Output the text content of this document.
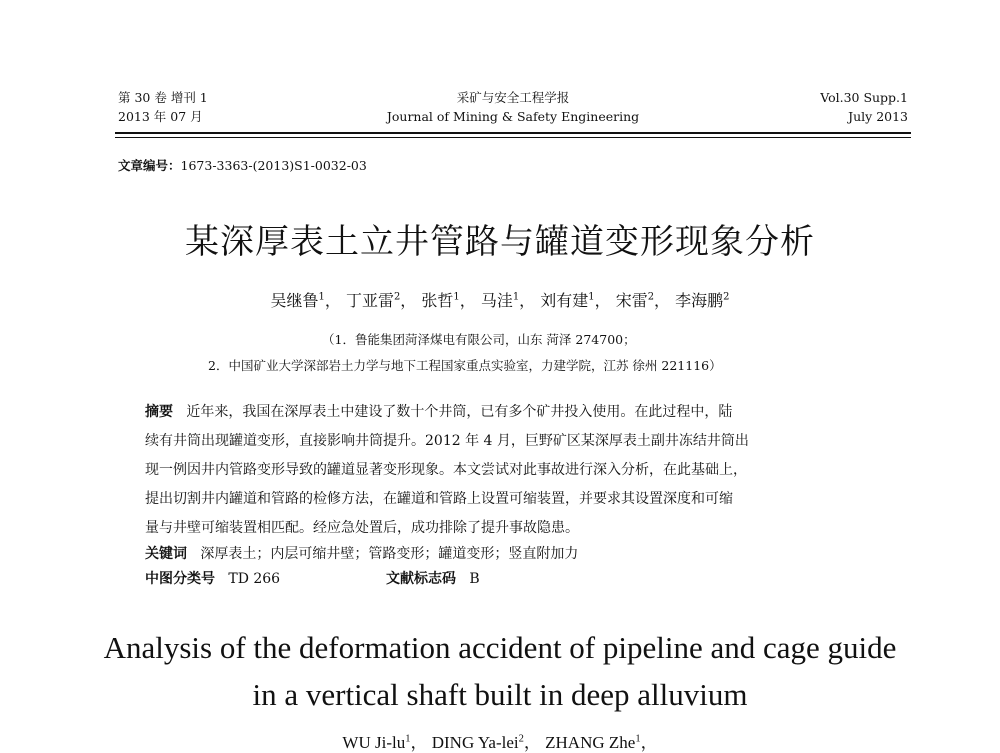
第 30 卷 增刊 1
2013 年 07 月
采矿与安全工程学报
Journal of Mining & Safety Engineering
Vol.30 Supp.1
July 2013
文章编号：1673-3363-(2013)S1-0032-03
某深厚表土立井管路与罐道变形现象分析
吴继鲁$^1$， 丁亚雷$^2$， 张哲$^1$， 马洼$^1$， 刘有建$^1$， 宋雷$^2$， 李海鹏$^2$
（1．鲁能集团菏泽煤电有限公司，山东 菏泽 274700；
2．中国矿业大学深部岩土力学与地下工程国家重点实验室，力建学院，江苏 徐州 221116）
摘要 近年来，我国在深厚表土中建设了数十个井筒，已有多个矿井投入使用。在此过程中，陆
续有井筒出现罐道变形，直接影响井筒提升。2012 年 4 月，巨野矿区某深厚表土副井冻结井筒出
现一例因井内管路变形导致的罐道显著变形现象。本文尝试对此事故进行深入分析，在此基础上，
提出切割井内罐道和管路的检修方法，在罐道和管路上设置可缩装置，并要求其设置深度和可缩
量与井壁可缩装置相匹配。经应急处置后，成功排除了提升事故隐患。
关键词 深厚表土；内层可缩井壁；管路变形；罐道变形；竖直附加力
中图分类号 TD 266	文献标志码 B
Analysis of the deformation accident of pipeline and cage guide
in a vertical shaft built in deep alluvium
WU $Ji-lu^1$， DING Ya-lei$^2$， ZHANG Zhe$^1$，
